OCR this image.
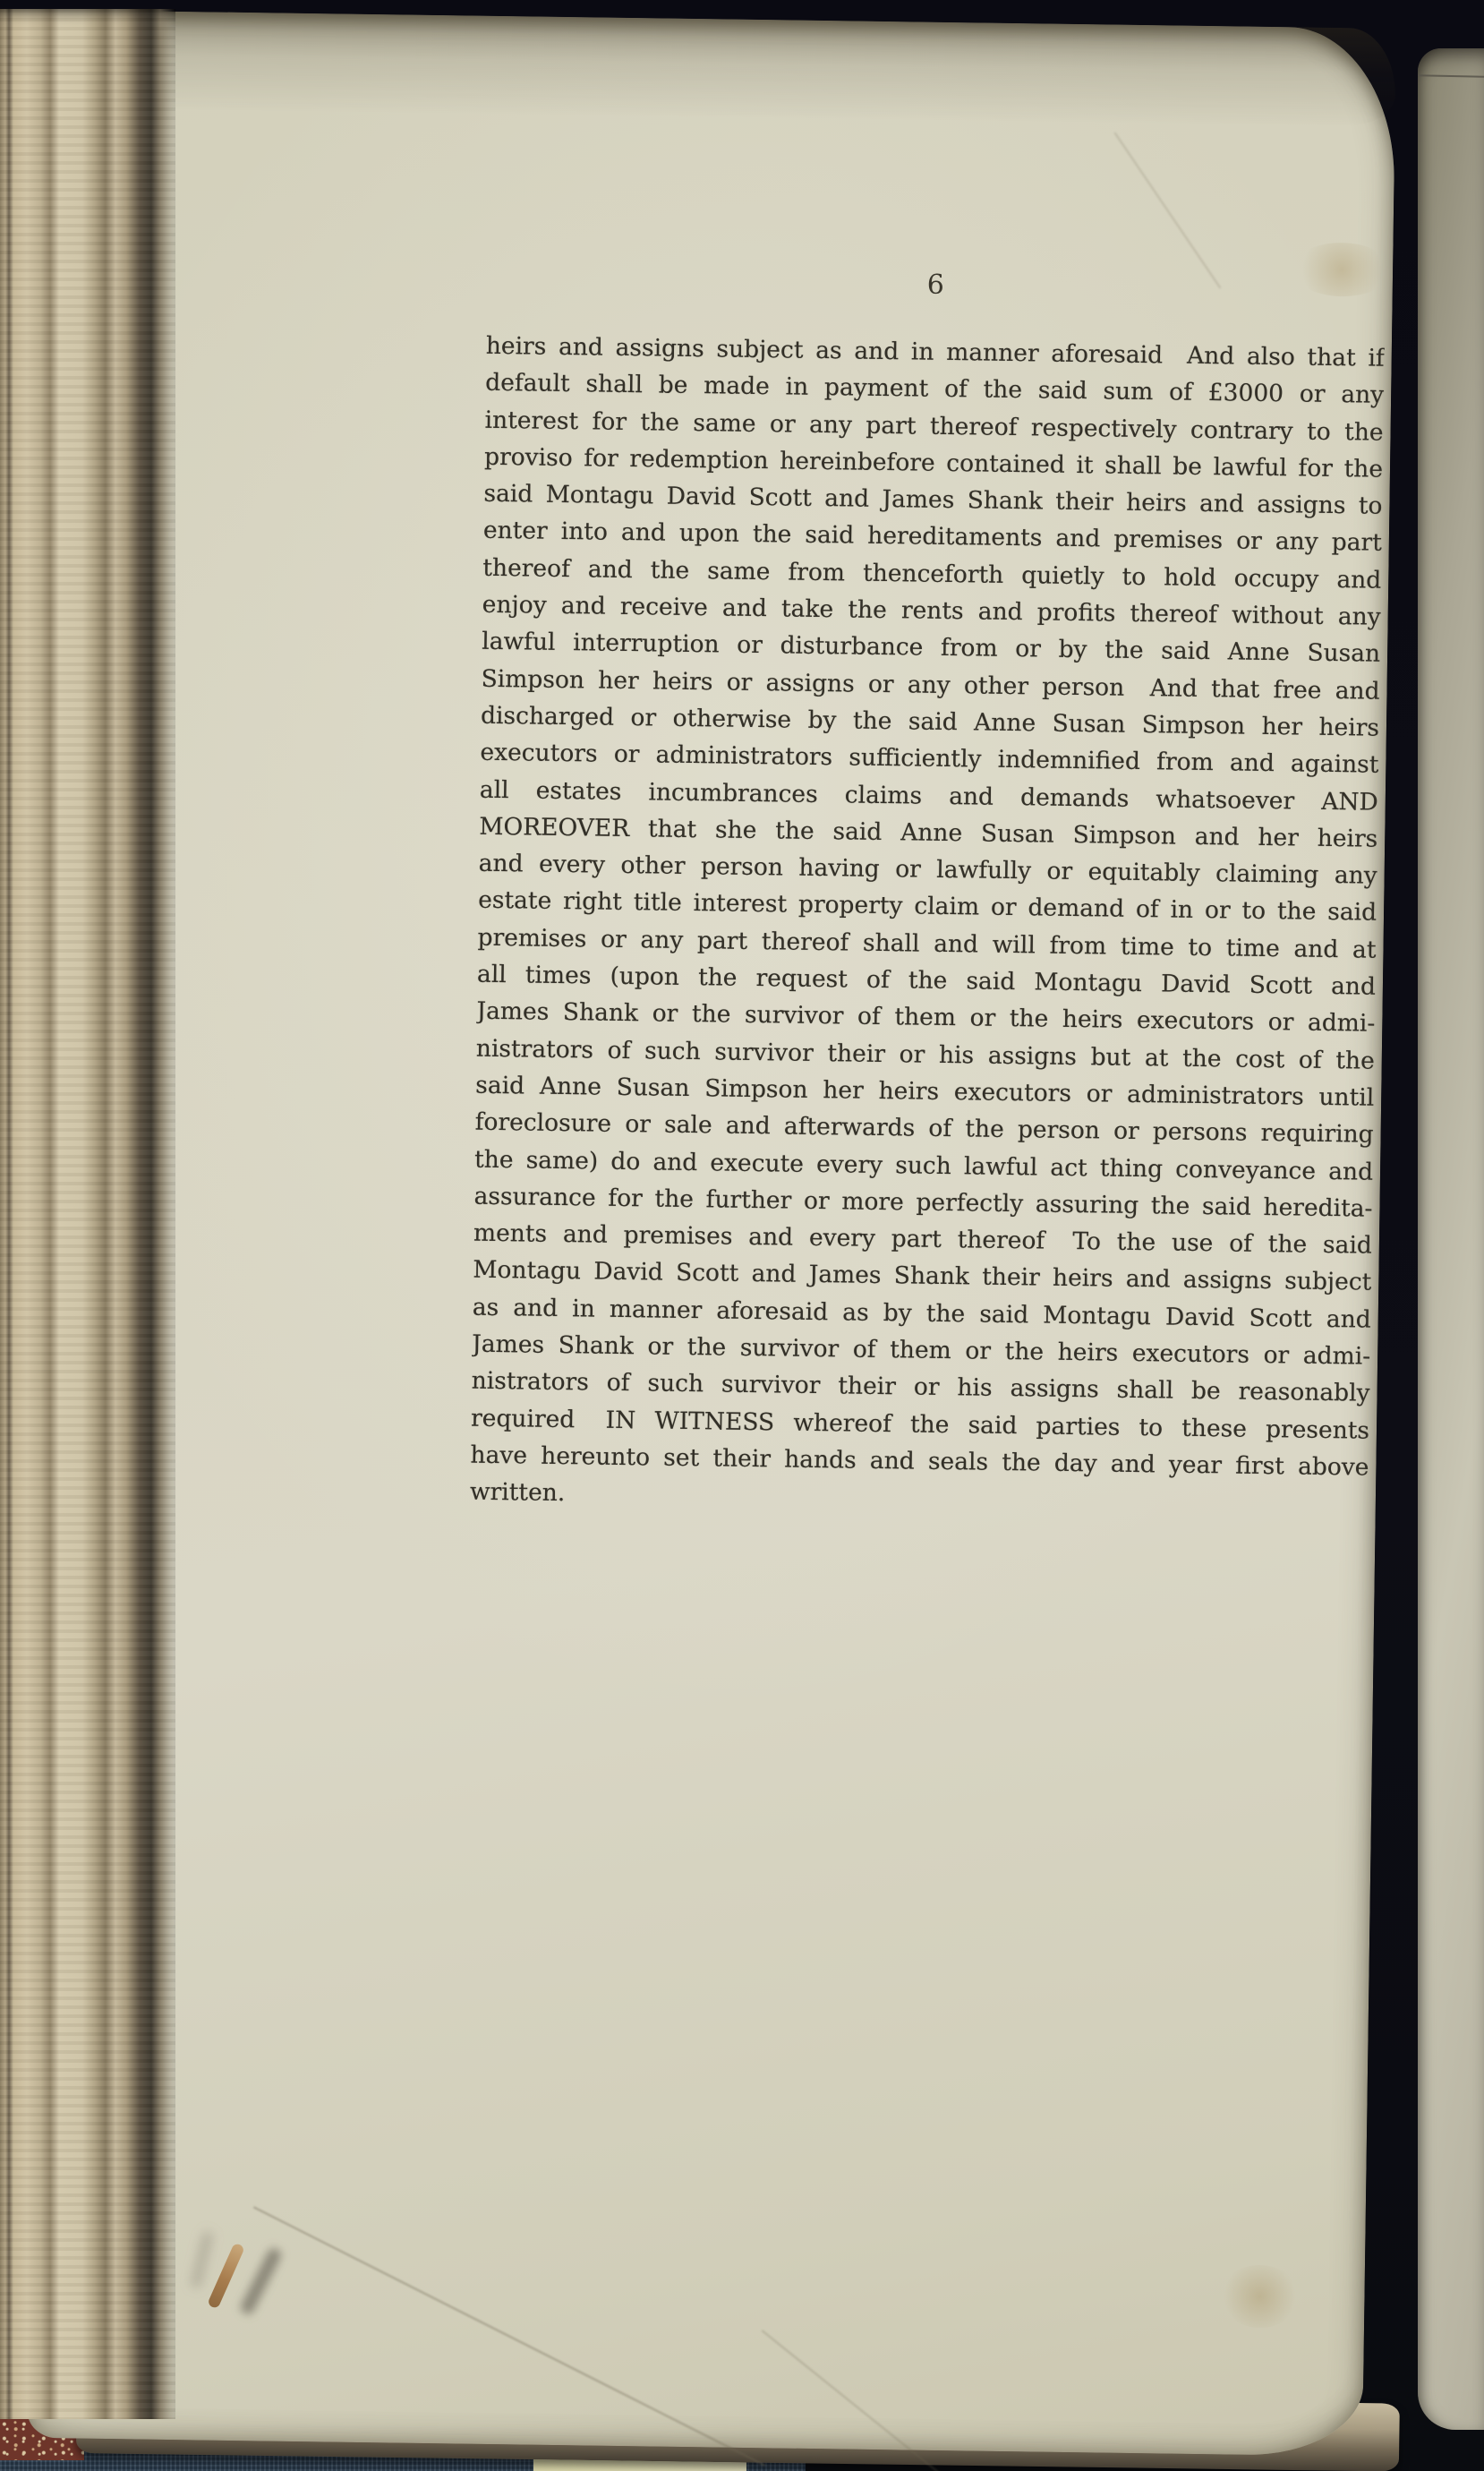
6
heirs and assigns subject as and in manner aforesaid  And also that if
default shall be made in payment of the said sum of £3000 or any
interest for the same or any part thereof respectively contrary to the
proviso for redemption hereinbefore contained it shall be lawful for the
said Montagu David Scott and James Shank their heirs and assigns to
enter into and upon the said hereditaments and premises or any part
thereof and the same from thenceforth quietly to hold occupy and
enjoy and receive and take the rents and profits thereof without any
lawful interruption or disturbance from or by the said Anne Susan
Simpson her heirs or assigns or any other person  And that free and
discharged or otherwise by the said Anne Susan Simpson her heirs
executors or administrators sufficiently indemnified from and against
all estates incumbrances claims and demands whatsoever AND
MOREOVER that she the said Anne Susan Simpson and her heirs
and every other person having or lawfully or equitably claiming any
estate right title interest property claim or demand of in or to the said
premises or any part thereof shall and will from time to time and at
all times (upon the request of the said Montagu David Scott and
James Shank or the survivor of them or the heirs executors or admi-
nistrators of such survivor their or his assigns but at the cost of the
said Anne Susan Simpson her heirs executors or administrators until
foreclosure or sale and afterwards of the person or persons requiring
the same) do and execute every such lawful act thing conveyance and
assurance for the further or more perfectly assuring the said heredita-
ments and premises and every part thereof  To the use of the said
Montagu David Scott and James Shank their heirs and assigns subject
as and in manner aforesaid as by the said Montagu David Scott and
James Shank or the survivor of them or the heirs executors or admi-
nistrators of such survivor their or his assigns shall be reasonably
required  IN WITNESS whereof the said parties to these presents
have hereunto set their hands and seals the day and year first above
written.
